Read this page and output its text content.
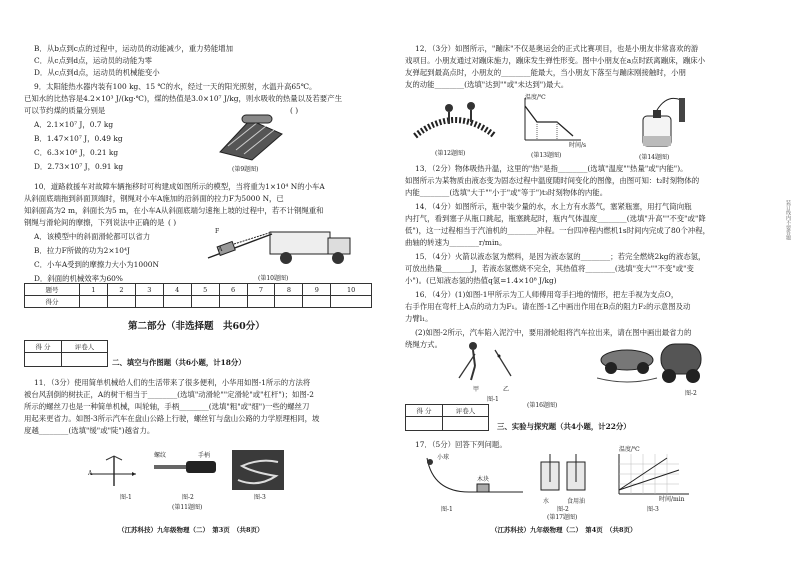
B．从b点到c点的过程中，运动员的动能减少，重力势能增加
C．从c点到d点，运动员的动能为零
D．从c点到d点，运动员的机械能变小
9．太阳能热水器内装有100 kg、15 ℃的水，经过一天的阳光照射，水温升高65℃。
已知水的比热容是4.2×10³ J/(kg·℃)，煤的热值是3.0×10⁷ J/kg，则水吸收的热量以及若要产生
可以节约煤的质量分别是	( )
A．2.1×10⁷ J，0.7 kg
B．1.47×10⁷ J，0.49 kg
C．6.3×10⁶ J，0.21 kg
D．2.73×10⁷ J，0.91 kg	(第9题图)
10．道路救援车对故障车辆拖移时可构建成如图所示的模型，当将重为1×10⁴ N的小车A
从斜面底端拖到斜面顶端时，钢绳对小车A施加的沿斜面的拉力F为5000 N，已
知斜面高为2 m，斜面长为5 m，在小车A从斜面底端匀速拖上坡的过程中，若不计钢绳重和
钢绳与滑轮间的摩擦，下列说法中正确的是 ( )
A．该模型中的斜面滑轮都可以省力
B．拉力F所做的功为2×10⁴J
C．小车A受到的摩擦力大小为1000N
D．斜面的机械效率为60%
F
A
(第10题图)
题号	1	2	3	4	5	6	7	8	9	10
得分										
第二部分（非选择题　共60分）
得 分	评卷人

二、填空与作图题（共6小题，计18分）
11．（3分）使用简单机械给人们的生活带来了很多便利，小华用如图-1所示的方法将
被台风刮倒的树扶正，A的树干相当于________(选填"动滑轮""定滑轮"或"杠杆")；如图-2
所示的螺丝刀也是一种简单机械，叫轮轴，手柄________(选填"粗"或"细")一些的螺丝刀
用起来更省力。如图-3所示汽车在盘山公路上行驶，螺丝钉与盘山公路的力学原理相同，坡
度越________(选填"缓"或"陡")越省力。
A
螺纹	手柄
图-1	图-2	图-3
(第11题图)
（江苏科技）九年级物理（二）　第3页　（共8页）
12．（3分）如图所示，"蹦床"不仅是奥运会的正式比赛项目，也是小朋友非常喜欢的游
戏项目。小朋友通过对蹦床施力，蹦床发生弹性形变。图中小朋友在a点时跃离蹦床，蹦床小
友弹起到最高点时，小朋友的________能最大，当小朋友下落至与蹦床刚接触时，小朋
友的动能________(选填"达到""或"未达到")最大。
(第12题图)
温度/℃
时间/s
(第13题图)	(第14题图)
13．（2分）物体吸热升温，这里的"热"是指________(选填"温度""热量"或"内能")。
如图所示为某物质由液态变为固态过程中温度随时间变化的图像，由图可知：t₂时刻物体的
内能________(选填"大于""小于"或"等于")t₃时刻物体的内能。
14．（4分）如图所示，瓶中装少量的水，水上方有水蒸气，塞紧瓶塞，用打气筒向瓶
内打气，看到塞子从瓶口跳起，瓶塞跳起时，瓶内气体温度________(选填"升高""不变"或"降
低")，这一过程相当于汽油机的________冲程。一台四冲程内燃机1s时间内完成了80个冲程，
曲轴的转速为________r/min。
15．（4分）火箭以液态氢为燃料，是因为液态氢的________；若完全燃烧2kg的液态氢，
可放出热量________J，若液态氢燃烧不完全，其热值将________(选填"变大""不变"或"变
小")。(已知液态氢的热值q氢=1.4×10⁸ J/kg)
16．（4分）(1)如图-1甲所示为工人师傅用弯手扫地的情形，把左手视为支点O，
右手作用在弯杆上A点的动力为F₁。请在图-1乙中画出作用在B点的阻力F₂的示意图及动
力臂l₁。
(2)如图-2所示，汽车陷入泥泞中，要用滑轮组将汽车拉出来，请在图中画出最省力的
绕绳方式。
甲	乙
图-1
图-2
(第16题图)
得 分	评卷人

三、实验与探究题（共4小题，计22分）
17．（5分）回答下列问题。
小球
木块
水	食用油
温度/℃
时间/min
图-1	图-2	图-3
(第17题图)
（江苏科技）九年级物理（二）　第4页　（共8页）
装订线内不要答题
